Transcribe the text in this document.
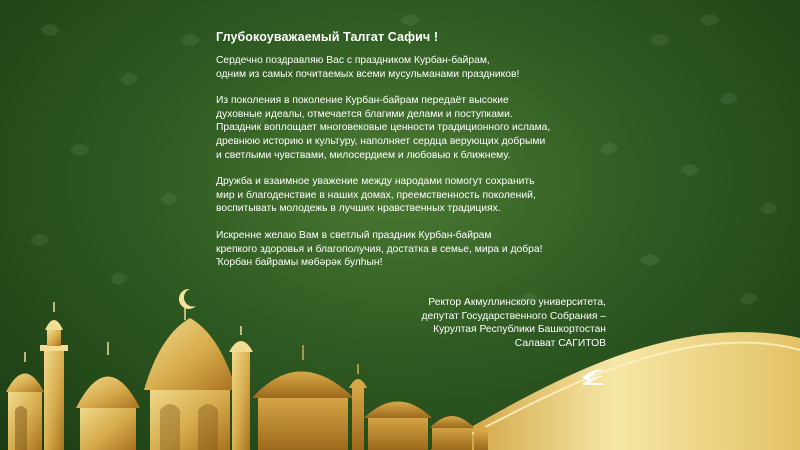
Глубокоуважаемый Талгат Сафич !
Сердечно поздравляю Вас с праздником Курбан-байрам,
одним из самых почитаемых всеми мусульманами праздников!
Из поколения в поколение Курбан-байрам передаёт высокие
духовные идеалы, отмечается благими делами и поступками.
Праздник воплощает многовековые ценности традиционного ислама,
древнюю историю и культуру, наполняет сердца верующих добрыми
и светлыми чувствами, милосердием и любовью к ближнему.
Дружба и взаимное уважение между народами помогут сохранить
мир и благоденствие в наших домах, преемственность поколений,
воспитывать молодежь в лучших нравственных традициях.
Искренне желаю Вам в светлый праздник Курбан-байрам
крепкого здоровья и благополучия, достатка в семье, мира и добра!
Ҡорбан байрамы мөбәрәк булһын!
Ректор Акмуллинского университета,
депутат Государственного Собрания –
Курултая Республики Башкортостан
Салават САГИТОВ
